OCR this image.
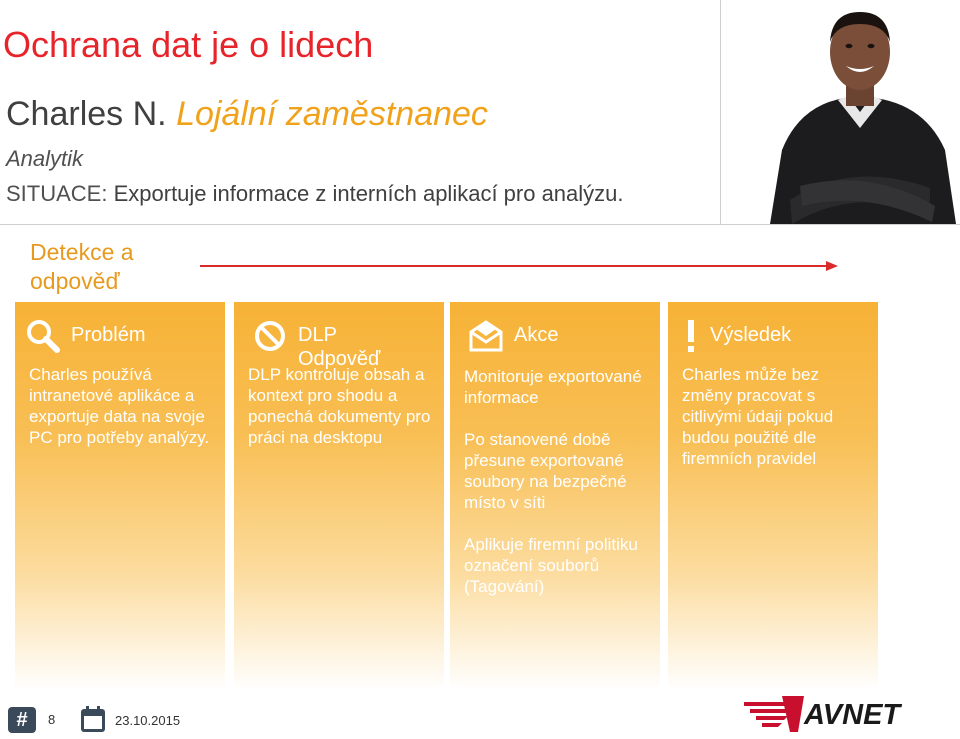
Ochrana dat je o lidech
Charles N. Lojální zaměstnanec
Analytik
SITUACE: Exportuje informace z interních aplikací pro analýzu.
Detekce a odpověď
Problém

Charles používá intranetové aplikáce a exportuje data na svoje PC pro potřeby analýzy.

DLP Odpověď

DLP kontroluje obsah a kontext pro shodu a ponechá dokumenty pro práci na desktopu

Akce

Monitoruje exportované informace

Po stanovené době přesune exportované soubory na bezpečné místo v síti

Aplikuje firemní politiku označení souborů (Tagování)

Výsledek

Charles může bez změny pracovat s citlivými údaji pokud budou použité dle firemních pravidel

#	8	23.10.2015	AVNET
